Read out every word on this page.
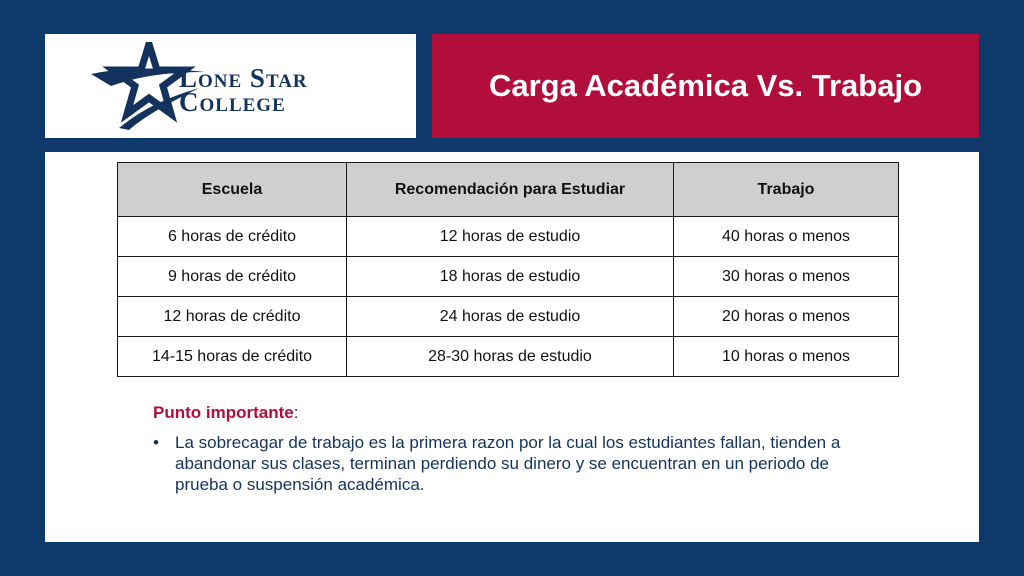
Lone Star
College	Carga Académica Vs. Trabajo
Escuela	Recomendación para Estudiar	Trabajo
6 horas de crédito	12 horas de estudio	40 horas o menos
9 horas de crédito	18 horas de estudio	30 horas o menos
12 horas de crédito	24 horas de estudio	20 horas o menos
14-15 horas de crédito	28-30 horas de estudio	10 horas o menos
Punto importante:
• La sobrecagar de trabajo es la primera razon por la cual los estudiantes fallan, tienden a abandonar sus clases, terminan perdiendo su dinero y se encuentran en un periodo de prueba o suspensión académica.
